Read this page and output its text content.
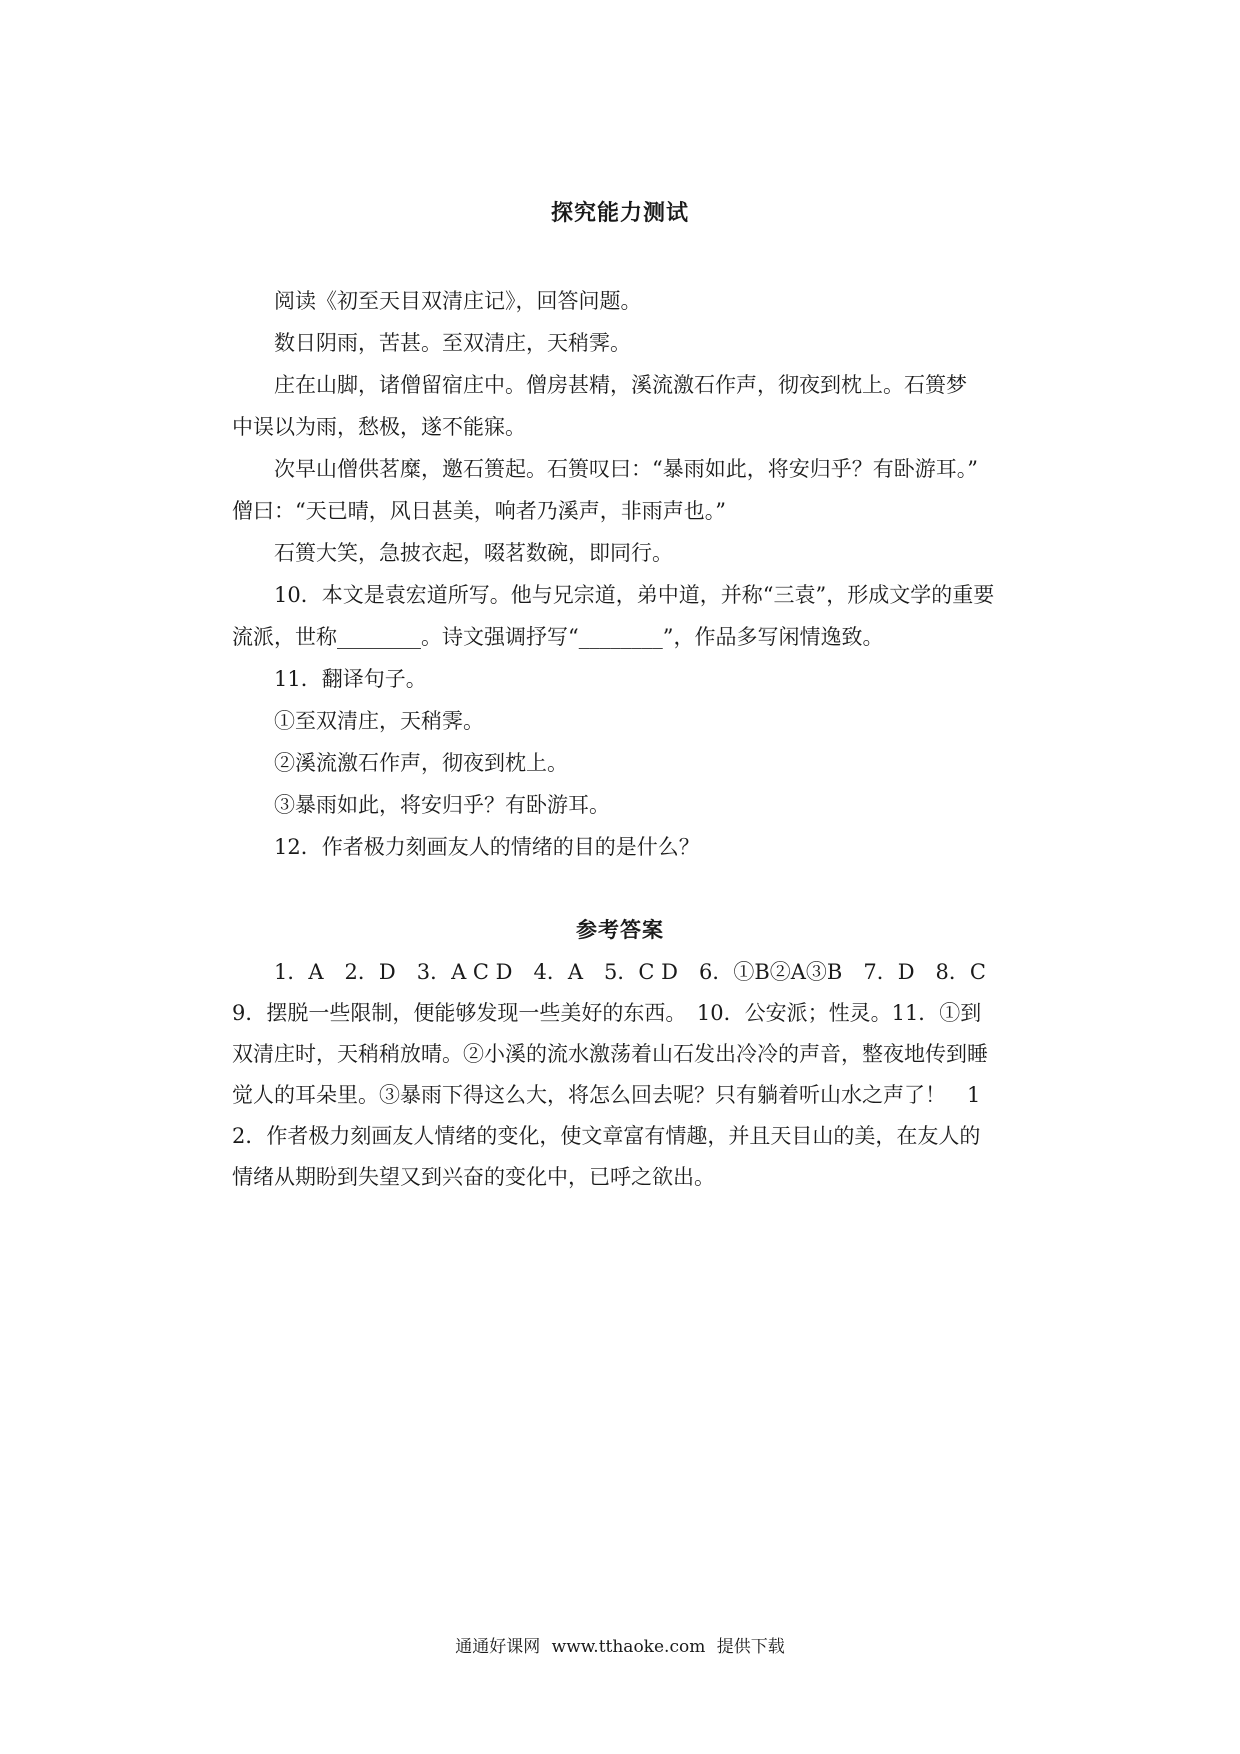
探究能力测试

阅读《初至天目双清庄记》，回答问题。

数日阴雨，苦甚。至双清庄，天稍霁。

庄在山脚，诸僧留宿庄中。僧房甚精，溪流激石作声，彻夜到枕上。石篑梦

中误以为雨，愁极，遂不能寐。

次早山僧供茗糜，邀石篑起。石篑叹曰：“暴雨如此，将安归乎？有卧游耳。”

僧曰：“天已晴，风日甚美，响者乃溪声，非雨声也。”

石篑大笑，急披衣起，啜茗数碗，即同行。

10．本文是袁宏道所写。他与兄宗道，弟中道，并称“三袁”，形成文学的重要

流派，世称________。诗文强调抒写“________”，作品多写闲情逸致。

11．翻译句子。

①至双清庄，天稍霁。

②溪流激石作声，彻夜到枕上。

③暴雨如此，将安归乎？有卧游耳。

12．作者极力刻画友人的情绪的目的是什么？

参考答案

1．A　2．D　3．A C D　4．A　5．C D　6．①B②A③B　7．D　8．C

9．摆脱一些限制，便能够发现一些美好的东西。　10．公安派；性灵。11．①到

双清庄时，天稍稍放晴。②小溪的流水激荡着山石发出冷冷的声音，整夜地传到睡

觉人的耳朵里。③暴雨下得这么大，将怎么回去呢？只有躺着听山水之声了！　1

2．作者极力刻画友人情绪的变化，使文章富有情趣，并且天目山的美，在友人的

情绪从期盼到失望又到兴奋的变化中，已呼之欲出。

通通好课网 www.tthaoke.com 提供下载
